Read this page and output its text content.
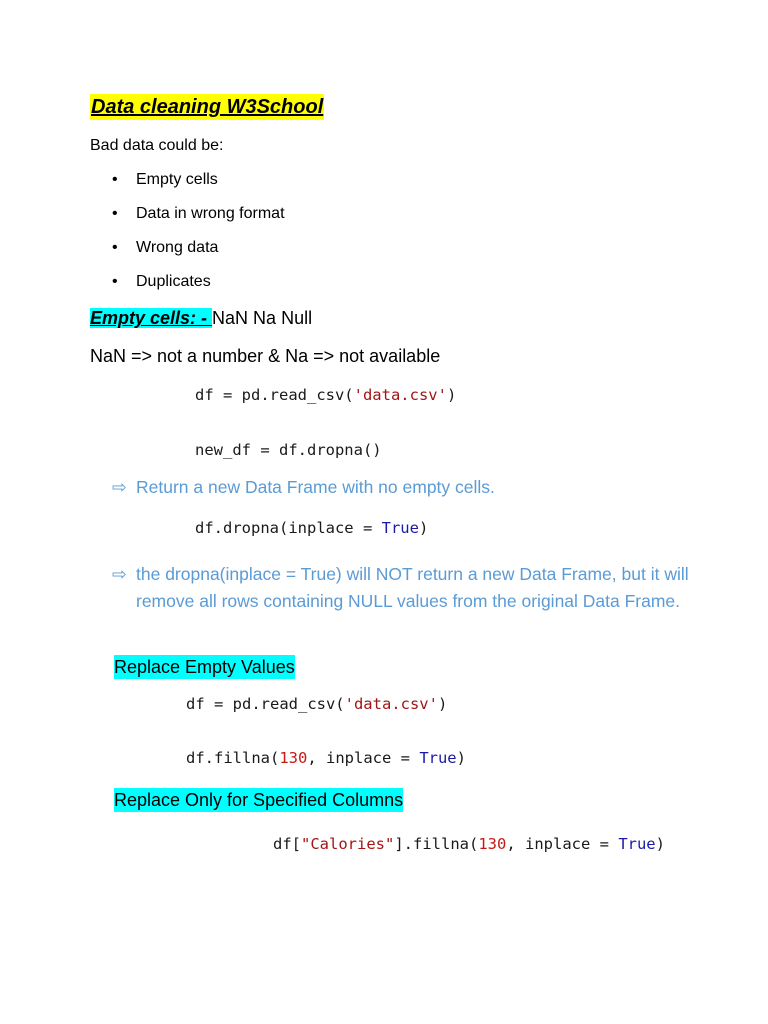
Data cleaning W3School
Bad data could be:
• Empty cells
• Data in wrong format
• Wrong data
• Duplicates
Empty cells: - NaN Na Null
NaN => not a number & Na => not available
df = pd.read_csv('data.csv')
new_df = df.dropna()
⇨ Return a new Data Frame with no empty cells.
df.dropna(inplace = True)
⇨ the dropna(inplace = True) will NOT return a new Data Frame, but it will remove all rows containing NULL values from the original Data Frame.
Replace Empty Values
df = pd.read_csv('data.csv')
df.fillna(130, inplace = True)
Replace Only for Specified Columns
df["Calories"].fillna(130, inplace = True)
